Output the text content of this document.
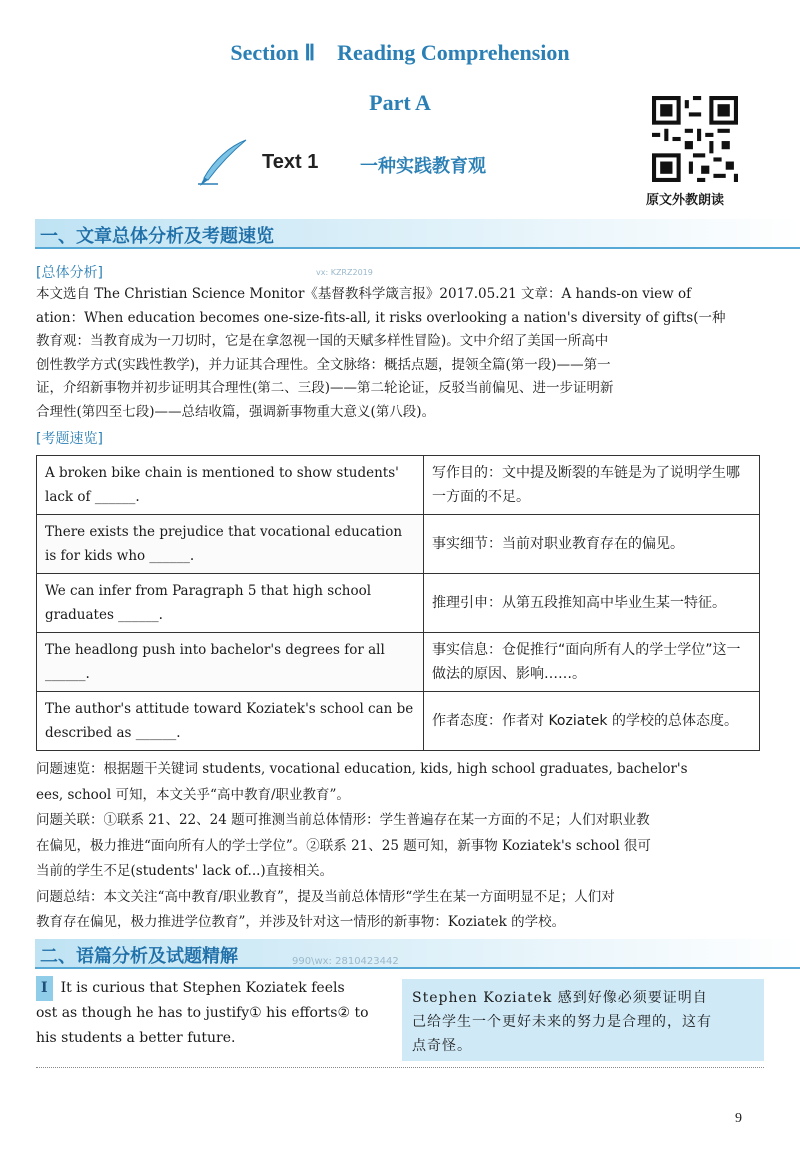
Section Ⅱ　Reading Comprehension
Part A
Text 1 一种实践教育观
原文外教朗读
一、文章总体分析及考题速览
[总体分析]	vx: KZRZ2019

本文选自 The Christian Science Monitor《基督教科学箴言报》2017.05.21 文章：A hands-on view of

ation：When education becomes one-size-fits-all, it risks overlooking a nation's diversity of gifts(一种

教育观：当教育成为一刀切时，它是在拿忽视一国的天赋多样性冒险)。文中介绍了美国一所高中

创性教学方式(实践性教学)，并力证其合理性。全文脉络：概括点题，提领全篇(第一段)——第一

证，介绍新事物并初步证明其合理性(第二、三段)——第二轮论证，反驳当前偏见、进一步证明新

合理性(第四至七段)——总结收篇，强调新事物重大意义(第八段)。

[考题速览]
A broken bike chain is mentioned to show students' lack of ______.	写作目的：文中提及断裂的车链是为了说明学生哪一方面的不足。
There exists the prejudice that vocational education is for kids who ______.	事实细节：当前对职业教育存在的偏见。
We can infer from Paragraph 5 that high school graduates ______.	推理引申：从第五段推知高中毕业生某一特征。
The headlong push into bachelor's degrees for all ______.	事实信息：仓促推行“面向所有人的学士学位”这一做法的原因、影响……。
The author's attitude toward Koziatek's school can be described as ______.	作者态度：作者对 Koziatek 的学校的总体态度。

问题速览：根据题干关键词 students, vocational education, kids, high school graduates, bachelor's

ees, school 可知，本文关乎“高中教育/职业教育”。

问题关联：①联系 21、22、24 题可推测当前总体情形：学生普遍存在某一方面的不足；人们对职业教

在偏见，极力推进“面向所有人的学士学位”。②联系 21、25 题可知，新事物 Koziatek's school 很可

当前的学生不足(students' lack of...)直接相关。

问题总结：本文关注“高中教育/职业教育”，提及当前总体情形“学生在某一方面明显不足；人们对

教育存在偏见，极力推进学位教育”，并涉及针对这一情形的新事物：Koziatek 的学校。

二、语篇分析及试题精解	990\wx: 2810423442

Ⅰ It is curious that Stephen Koziatek feels

ost as though he has to justify① his efforts② to

his students a better future.

Stephen Koziatek 感到好像必须要证明自

己给学生一个更好未来的努力是合理的，这有

点奇怪。

9
